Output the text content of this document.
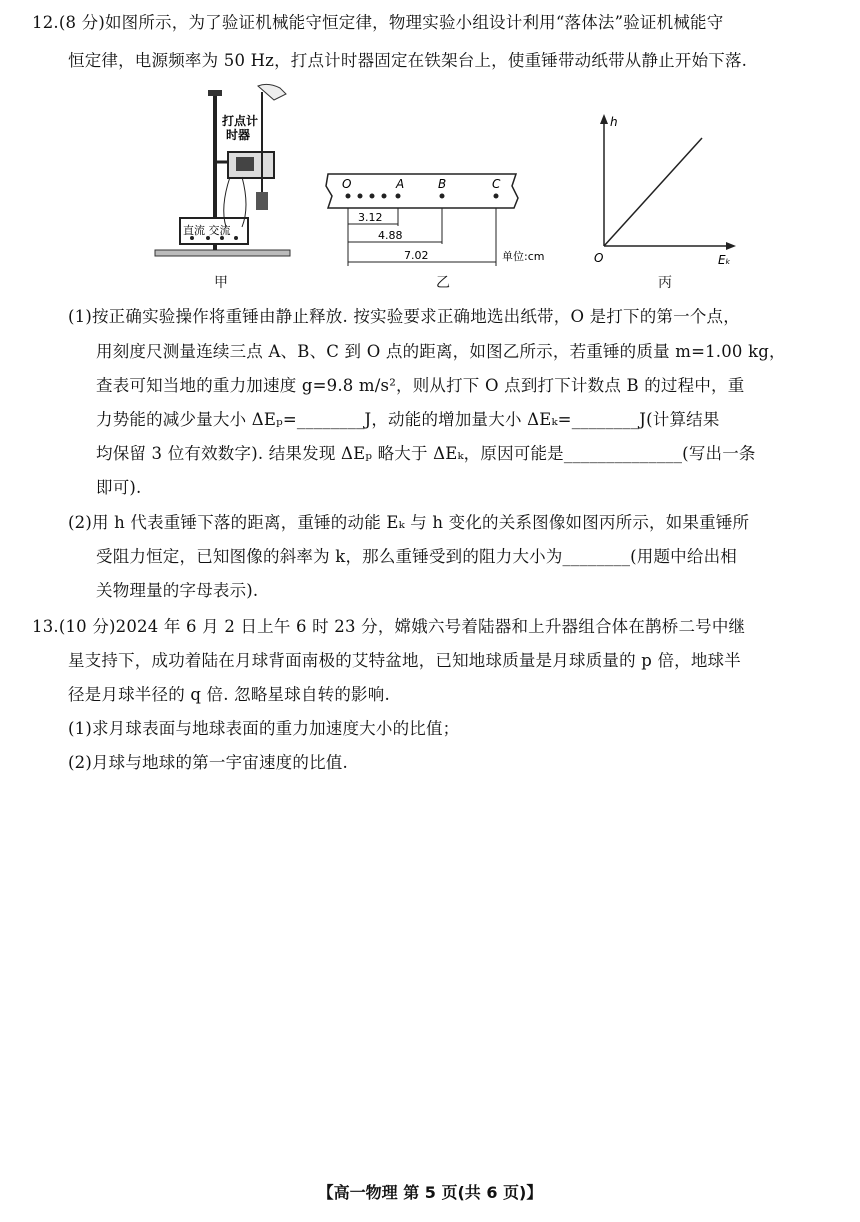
12.(8 分)如图所示，为了验证机械能守恒定律，物理实验小组设计利用“落体法”验证机械能守
恒定律，电源频率为 50 Hz，打点计时器固定在铁架台上，使重锤带动纸带从静止开始下落.
打点计
时器
直流 交流
甲
O	A	B	C
3.12
4.88
7.02	单位:cm
乙
h
Eₖ
O
丙
(1)按正确实验操作将重锤由静止释放. 按实验要求正确地选出纸带，O 是打下的第一个点，
用刻度尺测量连续三点 A、B、C 到 O 点的距离，如图乙所示，若重锤的质量 m=1.00 kg，
查表可知当地的重力加速度 g=9.8 m/s²，则从打下 O 点到打下计数点 B 的过程中，重
力势能的减少量大小 ΔEₚ=________J，动能的增加量大小 ΔEₖ=________J(计算结果
均保留 3 位有效数字). 结果发现 ΔEₚ 略大于 ΔEₖ，原因可能是______________(写出一条
即可).
(2)用 h 代表重锤下落的距离，重锤的动能 Eₖ 与 h 变化的关系图像如图丙所示，如果重锤所
受阻力恒定，已知图像的斜率为 k，那么重锤受到的阻力大小为________(用题中给出相
关物理量的字母表示).
13.(10 分)2024 年 6 月 2 日上午 6 时 23 分，嫦娥六号着陆器和上升器组合体在鹊桥二号中继
星支持下，成功着陆在月球背面南极的艾特盆地，已知地球质量是月球质量的 p 倍，地球半
径是月球半径的 q 倍. 忽略星球自转的影响.
(1)求月球表面与地球表面的重力加速度大小的比值；
(2)月球与地球的第一宇宙速度的比值.
【高一物理 第 5 页(共 6 页)】
